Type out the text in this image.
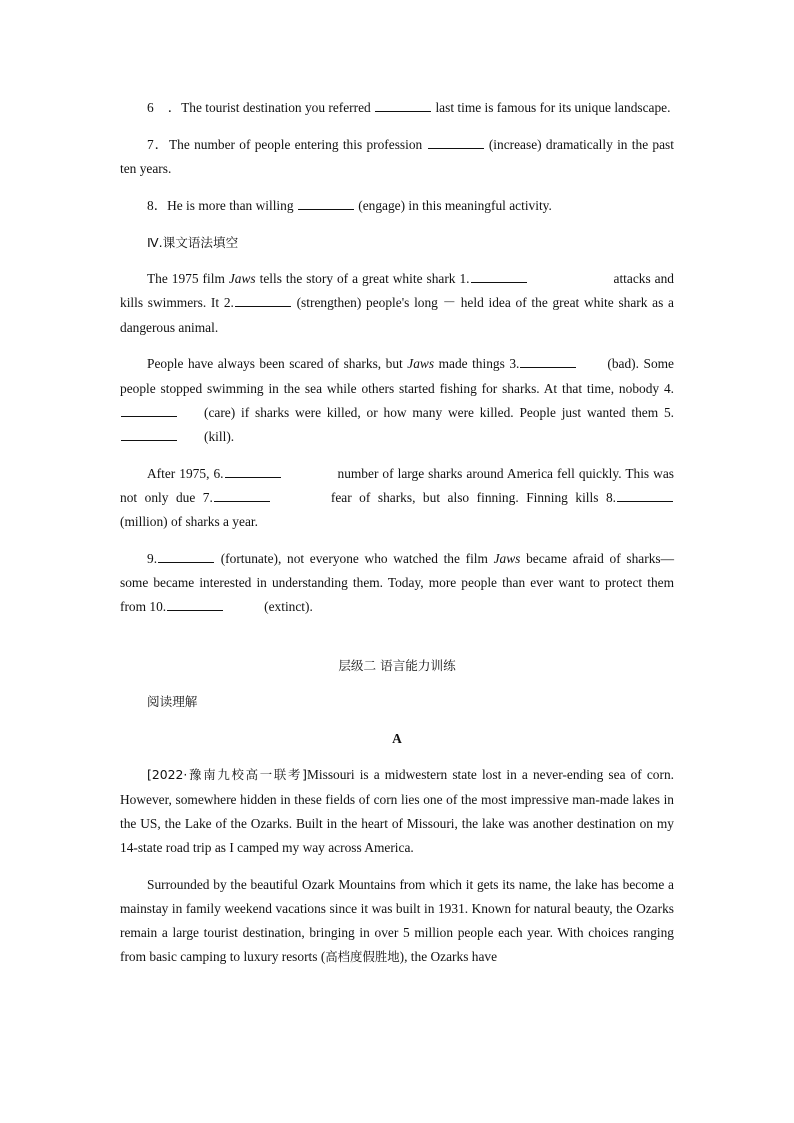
6 ．The tourist destination you referred	last time is famous for its unique landscape.

7．The number of people entering this profession	(increase) dramatically in the past ten years.

8．He is more than willing	(engage) in this meaningful activity.

Ⅳ.课文语法填空

The 1975 film Jaws tells the story of a great white shark 1.	attacks and kills swimmers. It 2.	(strengthen) people's long － held idea of the great white shark as a dangerous animal.

People have always been scared of sharks, but Jaws made things 3.	(bad). Some people stopped swimming in the sea while others started fishing for sharks. At that time, nobody 4.(care) if sharks were killed, or how many were killed. People just wanted them 5.(kill).

After 1975, 6.	number of large sharks around America fell quickly. This was not only due 7.	fear of sharks, but also finning. Finning kills 8. (million) of sharks a year.

9.	(fortunate), not everyone who watched the film Jaws became afraid of sharks—some became interested in understanding them. Today, more people than ever want to protect them from 10.	(extinct).

层级二 语言能力训练

阅读理解

A

[2022·豫南九校高一联考]Missouri is a midwestern state lost in a never-ending sea of corn. However, somewhere hidden in these fields of corn lies one of the most impressive man-made lakes in the US, the Lake of the Ozarks. Built in the heart of Missouri, the lake was another destination on my 14-state road trip as I camped my way across America.

Surrounded by the beautiful Ozark Mountains from which it gets its name, the lake has become a mainstay in family weekend vacations since it was built in 1931. Known for natural beauty, the Ozarks remain a large tourist destination, bringing in over 5 million people each year. With choices ranging from basic camping to luxury resorts (高档度假胜地), the Ozarks have
